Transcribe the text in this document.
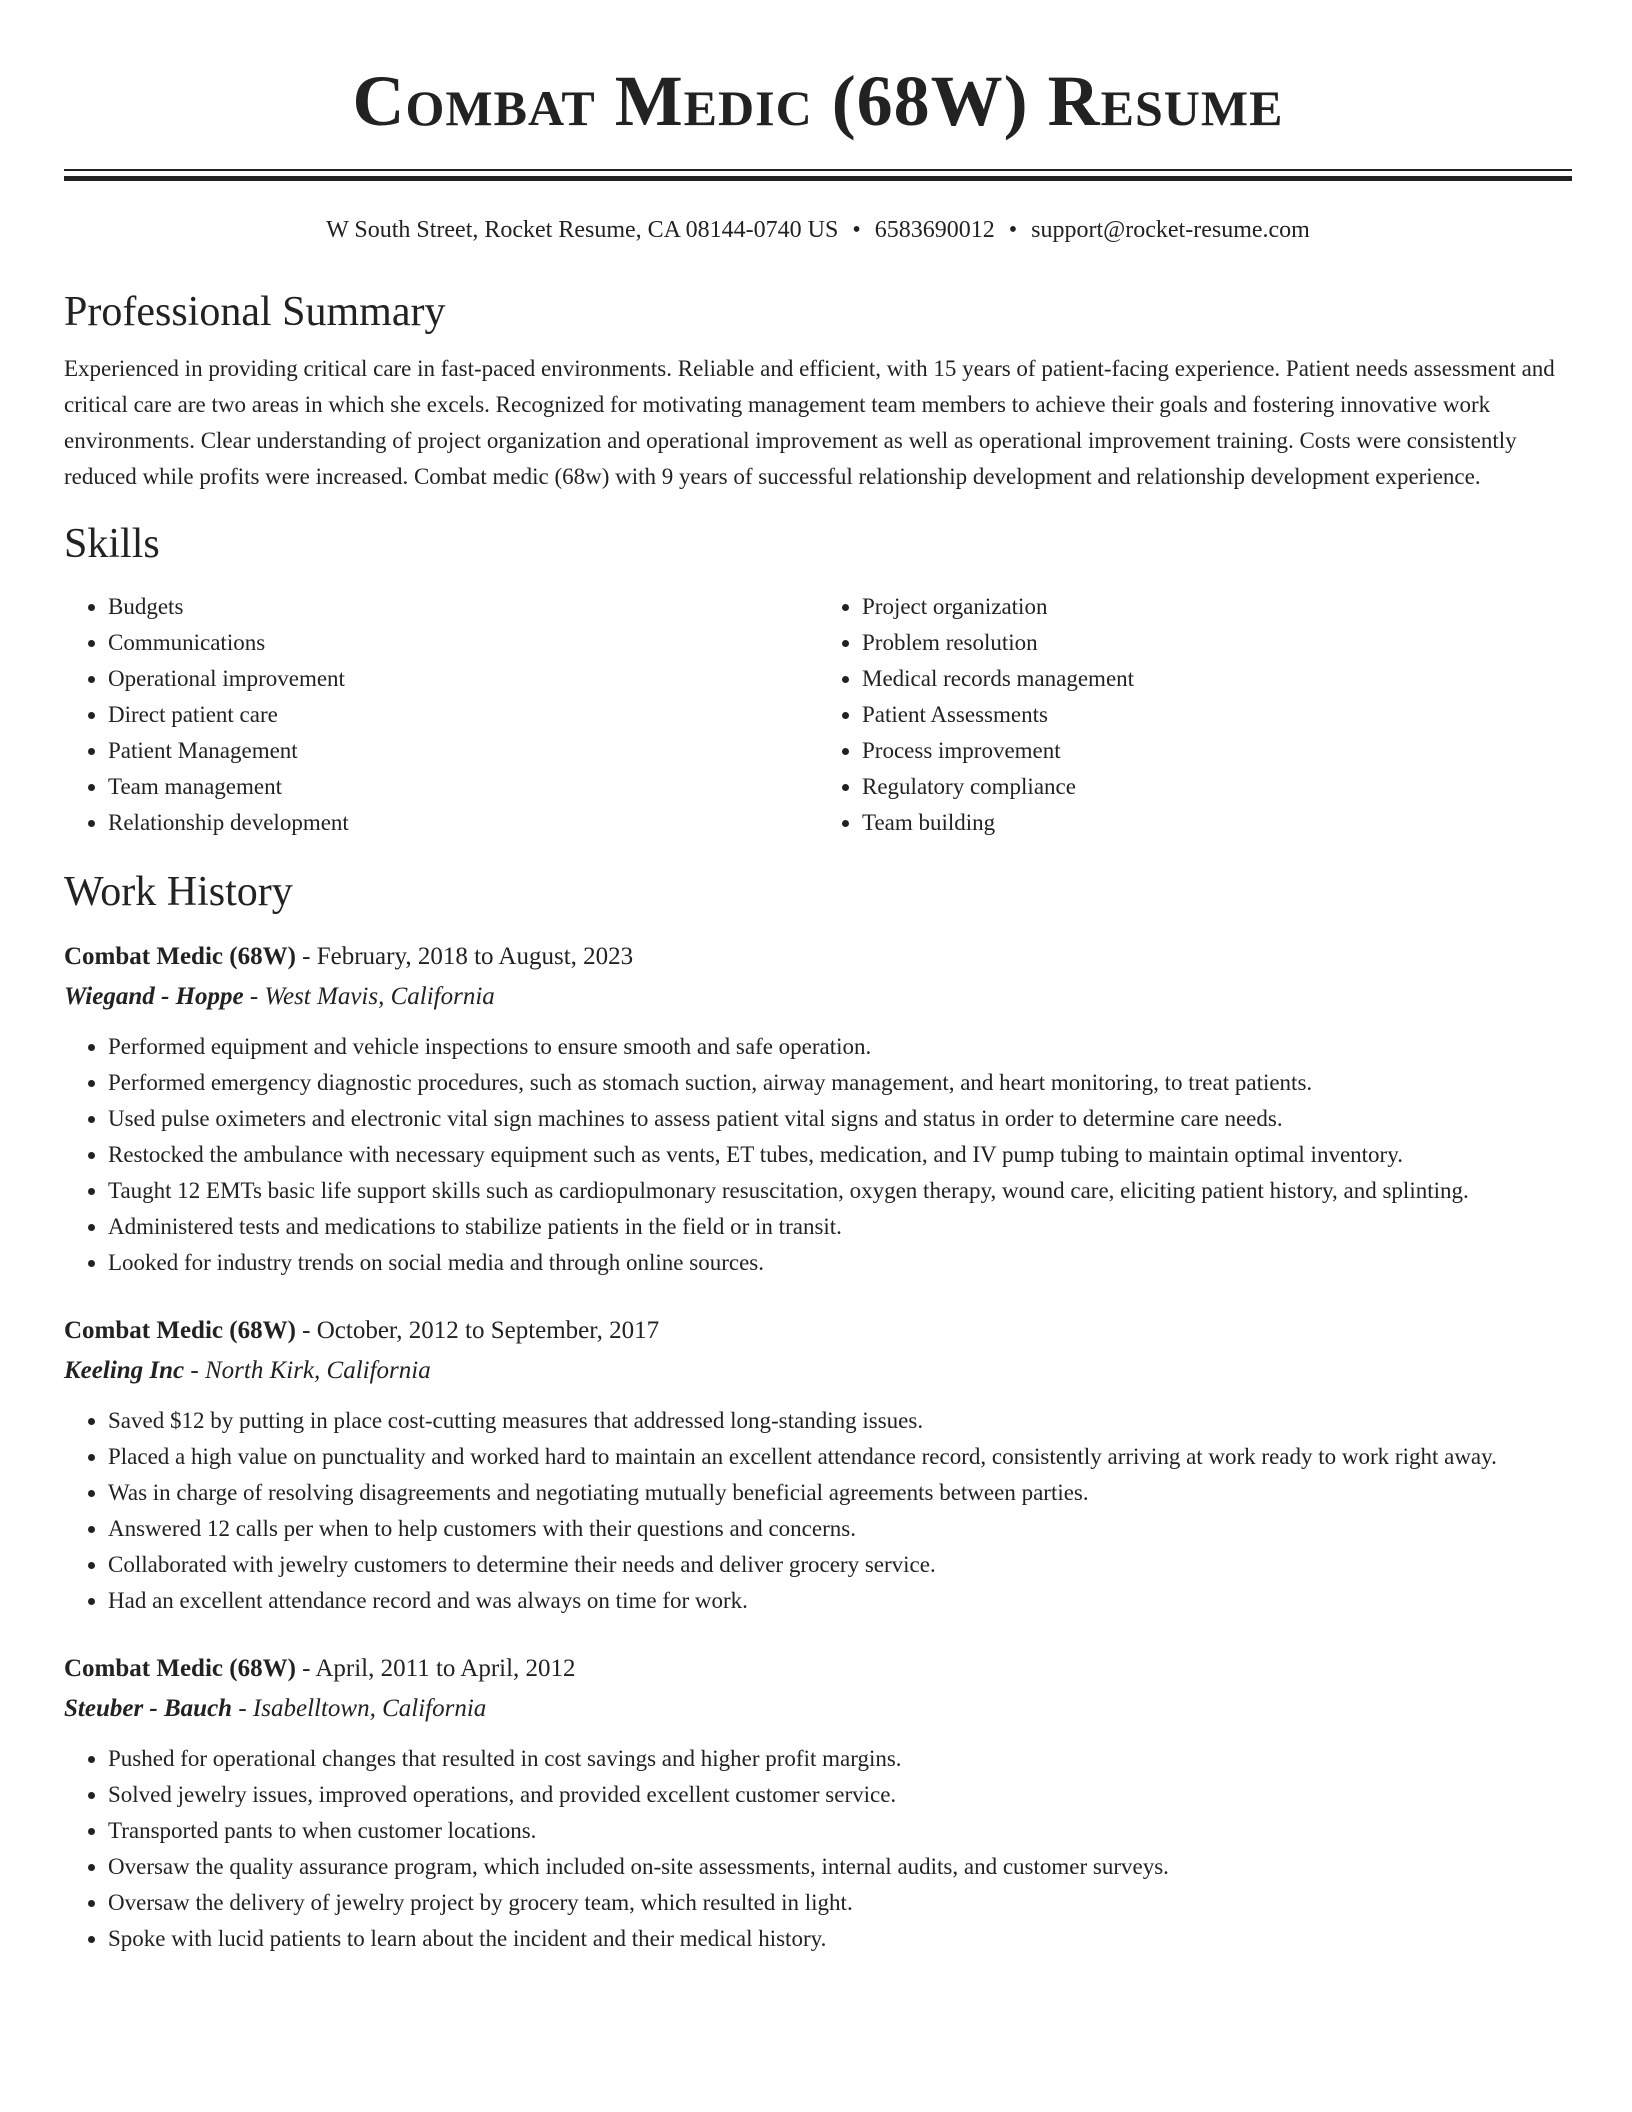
Combat Medic (68W) Resume
W South Street, Rocket Resume, CA 08144-0740 US • 6583690012 • support@rocket-resume.com
Professional Summary
Experienced in providing critical care in fast-paced environments. Reliable and efficient, with 15 years of patient-facing experience. Patient needs assessment and critical care are two areas in which she excels. Recognized for motivating management team members to achieve their goals and fostering innovative work environments. Clear understanding of project organization and operational improvement as well as operational improvement training. Costs were consistently reduced while profits were increased. Combat medic (68w) with 9 years of successful relationship development and relationship development experience.
Skills
• Budgets
• Communications
• Operational improvement
• Direct patient care
• Patient Management
• Team management
• Relationship development
• Project organization
• Problem resolution
• Medical records management
• Patient Assessments
• Process improvement
• Regulatory compliance
• Team building
Work History
Combat Medic (68W) - February, 2018 to August, 2023
Wiegand - Hoppe - West Mavis, California
• Performed equipment and vehicle inspections to ensure smooth and safe operation.
• Performed emergency diagnostic procedures, such as stomach suction, airway management, and heart monitoring, to treat patients.
• Used pulse oximeters and electronic vital sign machines to assess patient vital signs and status in order to determine care needs.
• Restocked the ambulance with necessary equipment such as vents, ET tubes, medication, and IV pump tubing to maintain optimal inventory.
• Taught 12 EMTs basic life support skills such as cardiopulmonary resuscitation, oxygen therapy, wound care, eliciting patient history, and splinting.
• Administered tests and medications to stabilize patients in the field or in transit.
• Looked for industry trends on social media and through online sources.
Combat Medic (68W) - October, 2012 to September, 2017
Keeling Inc - North Kirk, California
• Saved $12 by putting in place cost-cutting measures that addressed long-standing issues.
• Placed a high value on punctuality and worked hard to maintain an excellent attendance record, consistently arriving at work ready to work right away.
• Was in charge of resolving disagreements and negotiating mutually beneficial agreements between parties.
• Answered 12 calls per when to help customers with their questions and concerns.
• Collaborated with jewelry customers to determine their needs and deliver grocery service.
• Had an excellent attendance record and was always on time for work.
Combat Medic (68W) - April, 2011 to April, 2012
Steuber - Bauch - Isabelltown, California
• Pushed for operational changes that resulted in cost savings and higher profit margins.
• Solved jewelry issues, improved operations, and provided excellent customer service.
• Transported pants to when customer locations.
• Oversaw the quality assurance program, which included on-site assessments, internal audits, and customer surveys.
• Oversaw the delivery of jewelry project by grocery team, which resulted in light.
• Spoke with lucid patients to learn about the incident and their medical history.
